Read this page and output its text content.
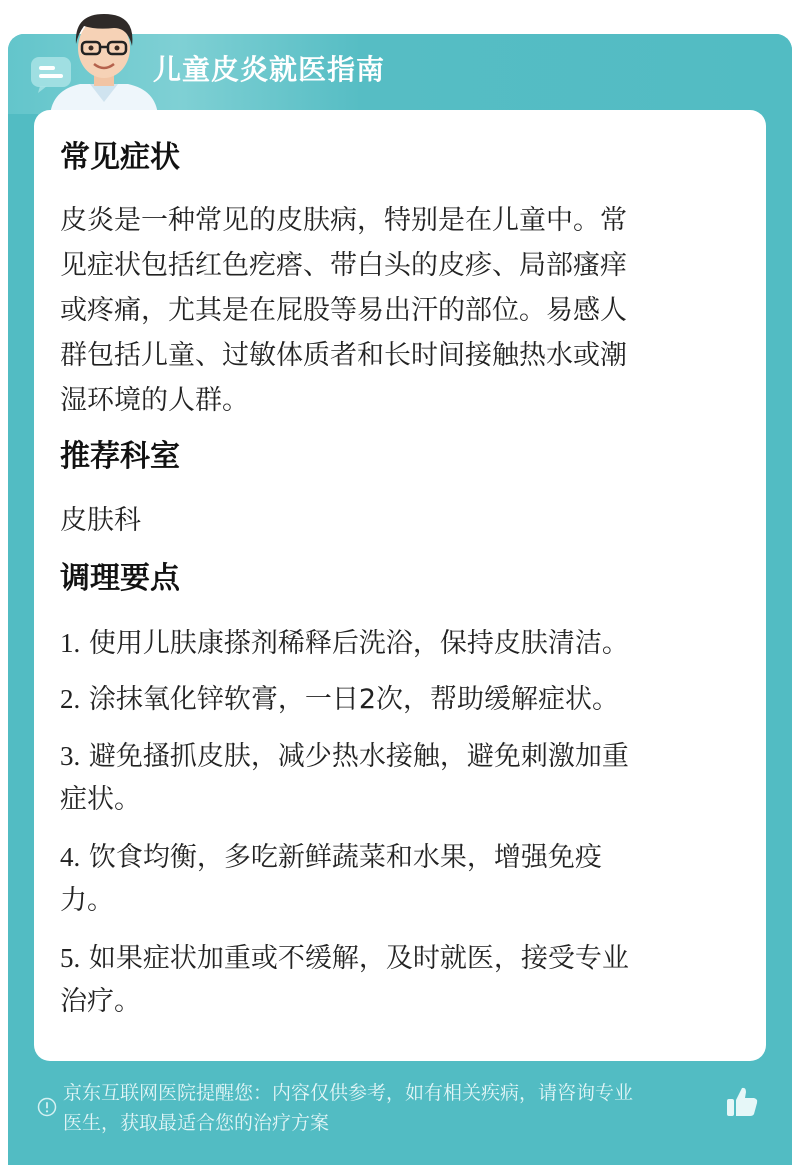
儿童皮炎就医指南
常见症状
皮炎是一种常见的皮肤病，特别是在儿童中。常
见症状包括红色疙瘩、带白头的皮疹、局部瘙痒
或疼痛，尤其是在屁股等易出汗的部位。易感人
群包括儿童、过敏体质者和长时间接触热水或潮
湿环境的人群。
推荐科室
皮肤科
调理要点
1. 使用儿肤康搽剂稀释后洗浴，保持皮肤清洁。
2. 涂抹氧化锌软膏，一日2次，帮助缓解症状。
3. 避免搔抓皮肤，减少热水接触，避免刺激加重
症状。
4. 饮食均衡，多吃新鲜蔬菜和水果，增强免疫
力。
5. 如果症状加重或不缓解，及时就医，接受专业
治疗。
京东互联网医院提醒您：内容仅供参考，如有相关疾病，请咨询专业
医生，获取最适合您的治疗方案
